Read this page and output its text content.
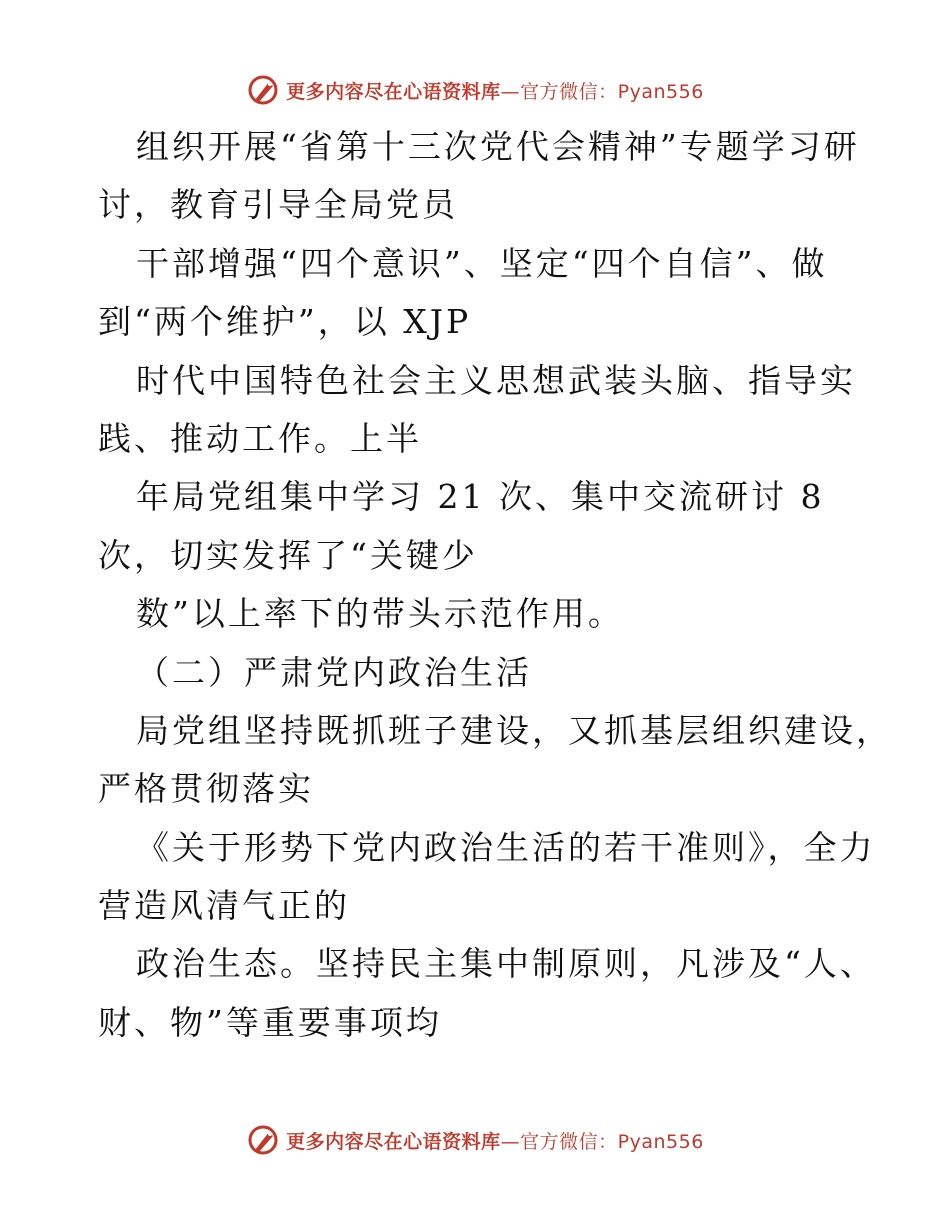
更多内容尽在心语资料库—官方微信：Pyan556
组织开展“省第十三次党代会精神”专题学习研
讨，教育引导全局党员
干部增强“四个意识”、坚定“四个自信”、做
到“两个维护”，以 XJP
时代中国特色社会主义思想武装头脑、指导实
践、推动工作。上半
年局党组集中学习 21 次、集中交流研讨 8
次，切实发挥了“关键少
数”以上率下的带头示范作用。
（二）严肃党内政治生活
局党组坚持既抓班子建设，又抓基层组织建设，
严格贯彻落实
《关于形势下党内政治生活的若干准则》，全力
营造风清气正的
政治生态。坚持民主集中制原则，凡涉及“人、
财、物”等重要事项均
更多内容尽在心语资料库—官方微信：Pyan556
